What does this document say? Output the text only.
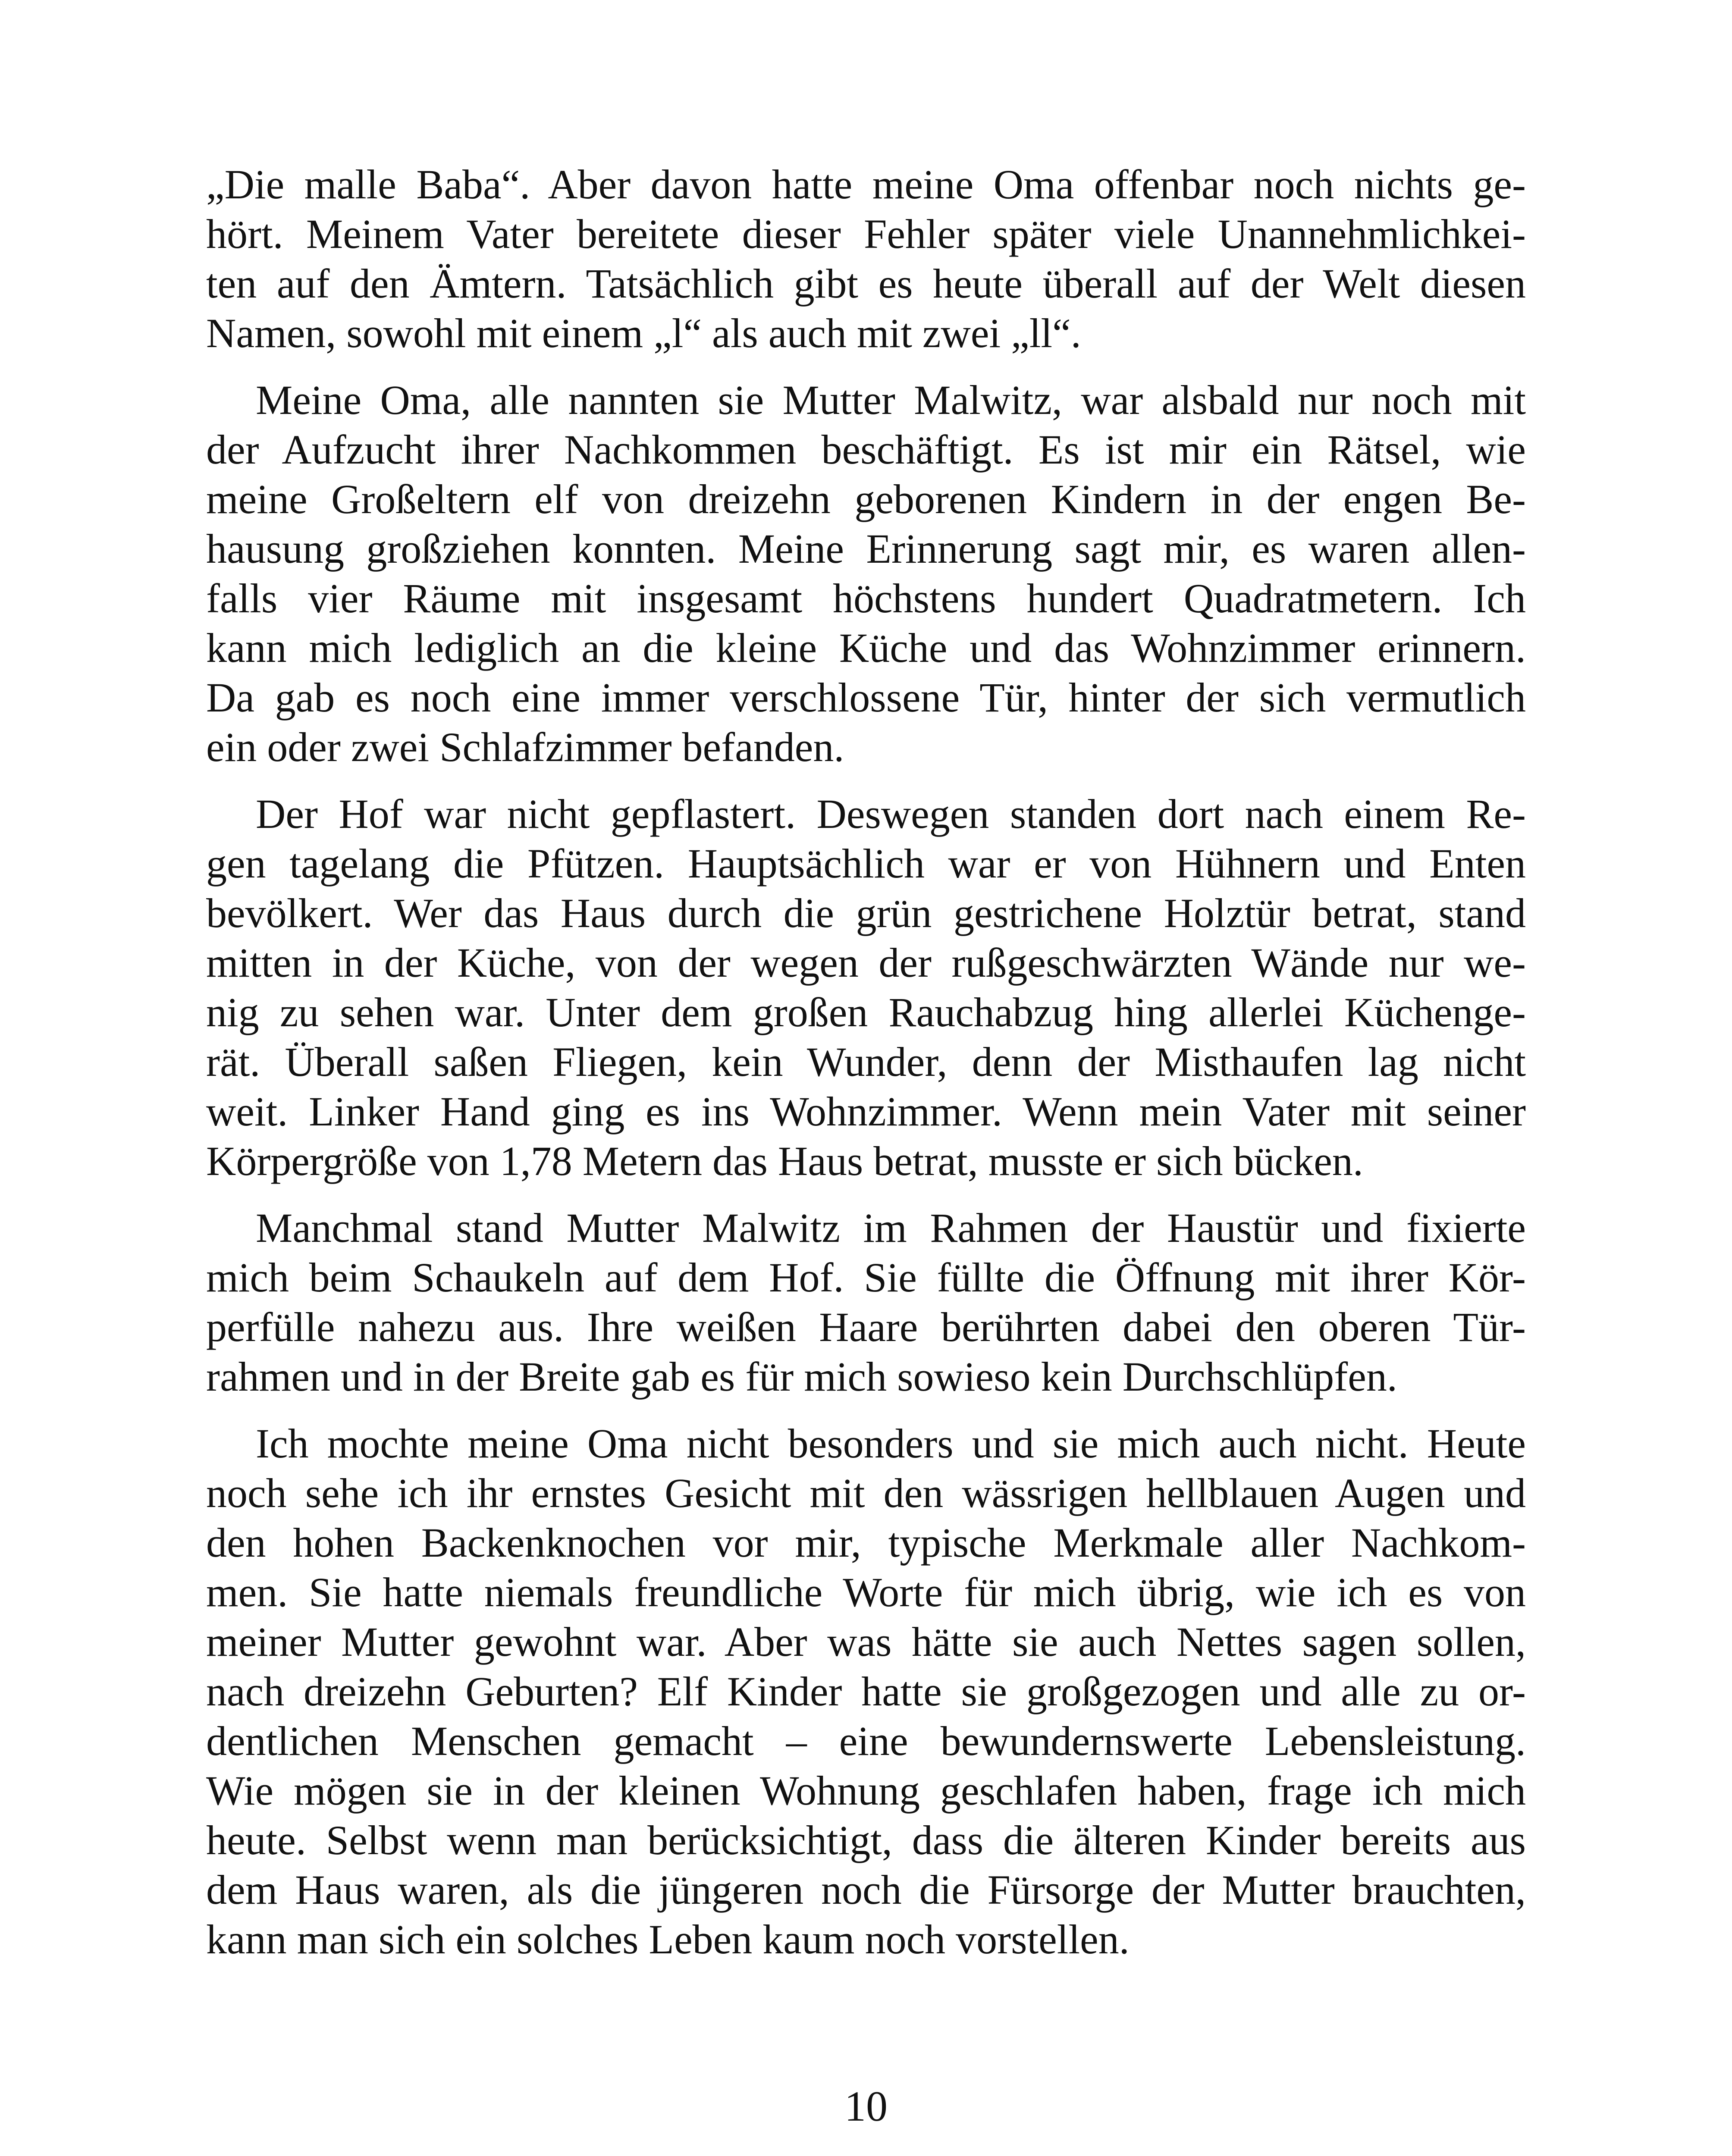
„Die malle Baba“. Aber davon hatte meine Oma offenbar noch nichts ge-
hört. Meinem Vater bereitete dieser Fehler später viele Unannehmlichkei-
ten auf den Ämtern. Tatsächlich gibt es heute überall auf der Welt diesen
Namen, sowohl mit einem „l“ als auch mit zwei „ll“.

Meine Oma, alle nannten sie Mutter Malwitz, war alsbald nur noch mit
der Aufzucht ihrer Nachkommen beschäftigt. Es ist mir ein Rätsel, wie
meine Großeltern elf von dreizehn geborenen Kindern in der engen Be-
hausung großziehen konnten. Meine Erinnerung sagt mir, es waren allen-
falls vier Räume mit insgesamt höchstens hundert Quadratmetern. Ich
kann mich lediglich an die kleine Küche und das Wohnzimmer erinnern.
Da gab es noch eine immer verschlossene Tür, hinter der sich vermutlich
ein oder zwei Schlafzimmer befanden.

Der Hof war nicht gepflastert. Deswegen standen dort nach einem Re-
gen tagelang die Pfützen. Hauptsächlich war er von Hühnern und Enten
bevölkert. Wer das Haus durch die grün gestrichene Holztür betrat, stand
mitten in der Küche, von der wegen der rußgeschwärzten Wände nur we-
nig zu sehen war. Unter dem großen Rauchabzug hing allerlei Küchenge-
rät. Überall saßen Fliegen, kein Wunder, denn der Misthaufen lag nicht
weit. Linker Hand ging es ins Wohnzimmer. Wenn mein Vater mit seiner
Körpergröße von 1,78 Metern das Haus betrat, musste er sich bücken.

Manchmal stand Mutter Malwitz im Rahmen der Haustür und fixierte
mich beim Schaukeln auf dem Hof. Sie füllte die Öffnung mit ihrer Kör-
perfülle nahezu aus. Ihre weißen Haare berührten dabei den oberen Tür-
rahmen und in der Breite gab es für mich sowieso kein Durchschlüpfen.

Ich mochte meine Oma nicht besonders und sie mich auch nicht. Heute
noch sehe ich ihr ernstes Gesicht mit den wässrigen hellblauen Augen und
den hohen Backenknochen vor mir, typische Merkmale aller Nachkom-
men. Sie hatte niemals freundliche Worte für mich übrig, wie ich es von
meiner Mutter gewohnt war. Aber was hätte sie auch Nettes sagen sollen,
nach dreizehn Geburten? Elf Kinder hatte sie großgezogen und alle zu or-
dentlichen Menschen gemacht – eine bewundernswerte Lebensleistung.
Wie mögen sie in der kleinen Wohnung geschlafen haben, frage ich mich
heute. Selbst wenn man berücksichtigt, dass die älteren Kinder bereits aus
dem Haus waren, als die jüngeren noch die Fürsorge der Mutter brauchten,
kann man sich ein solches Leben kaum noch vorstellen.

10
